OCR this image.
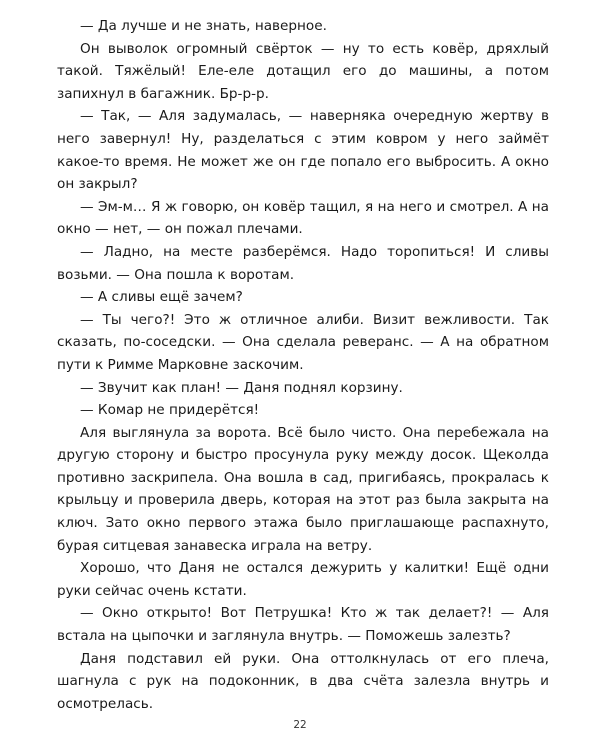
— Да лучше и не знать, наверное.

Он выволок огромный свёрток — ну то есть ковёр, дряхлый такой. Тяжёлый! Еле-еле дотащил его до машины, а потом запихнул в багажник. Бр-р-р.

— Так, — Аля задумалась, — наверняка очередную жертву в него завернул! Ну, разделаться с этим ковром у него займёт какое-то время. Не может же он где попало его выбросить. А окно он закрыл?

— Эм-м… Я ж говорю, он ковёр тащил, я на него и смотрел. А на окно — нет, — он пожал плечами.

— Ладно, на месте разберёмся. Надо торопиться! И сливы возьми. — Она пошла к воротам.

— А сливы ещё зачем?

— Ты чего?! Это ж отличное алиби. Визит вежливости. Так сказать, по-соседски. — Она сделала реверанс. — А на обратном пути к Римме Марковне заскочим.

— Звучит как план! — Даня поднял корзину.

— Комар не придерётся!

Аля выглянула за ворота. Всё было чисто. Она перебежала на другую сторону и быстро просунула руку между досок. Щеколда противно заскрипела. Она вошла в сад, пригибаясь, прокралась к крыльцу и проверила дверь, которая на этот раз была закрыта на ключ. Зато окно первого этажа было приглашающе распахнуто, бурая ситцевая занавеска играла на ветру.

Хорошо, что Даня не остался дежурить у калитки! Ещё одни руки сейчас очень кстати.

— Окно открыто! Вот Петрушка! Кто ж так делает?! — Аля встала на цыпочки и заглянула внутрь. — Поможешь залезть?

Даня подставил ей руки. Она оттолкнулась от его плеча, шагнула с рук на подоконник, в два счёта залезла внутрь и осмотрелась.

22
